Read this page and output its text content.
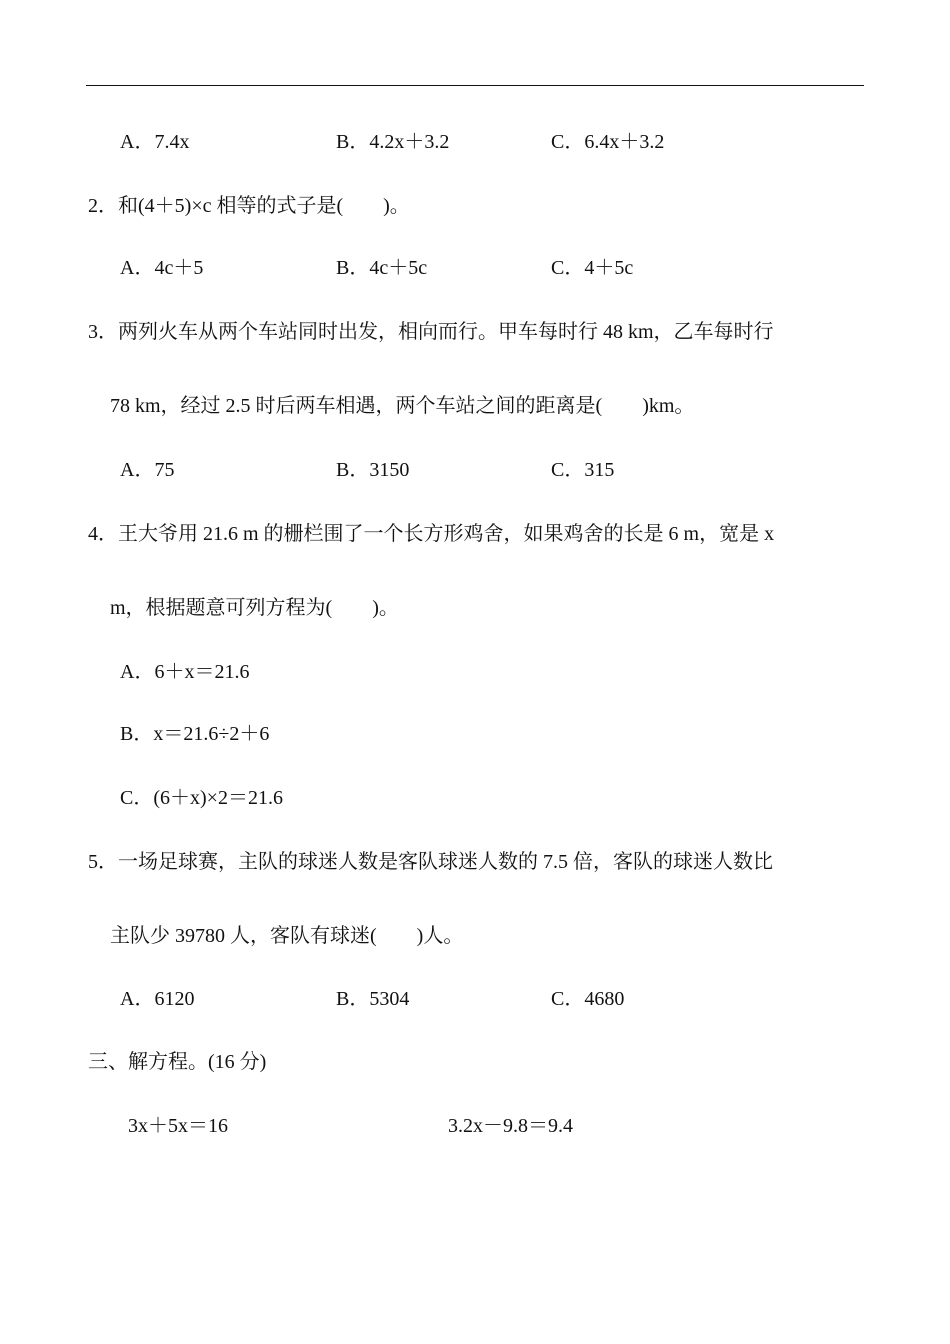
A．7.4x	B．4.2x＋3.2	C．6.4x＋3.2
2．和(4＋5)×c 相等的式子是(　　)。
A．4c＋5	B．4c＋5c	C．4＋5c
3．两列火车从两个车站同时出发，相向而行。甲车每时行 48 km，乙车每时行
78 km，经过 2.5 时后两车相遇，两个车站之间的距离是(　　)km。
A．75	B．3150	C．315
4．王大爷用 21.6 m 的栅栏围了一个长方形鸡舍，如果鸡舍的长是 6 m，宽是 x
m，根据题意可列方程为(　　)。
A．6＋x＝21.6
B．x＝21.6÷2＋6
C．(6＋x)×2＝21.6
5．一场足球赛，主队的球迷人数是客队球迷人数的 7.5 倍，客队的球迷人数比
主队少 39780 人，客队有球迷(　　)人。
A．6120	B．5304	C．4680
三、解方程。(16 分)
3x＋5x＝16	3.2x－9.8＝9.4
